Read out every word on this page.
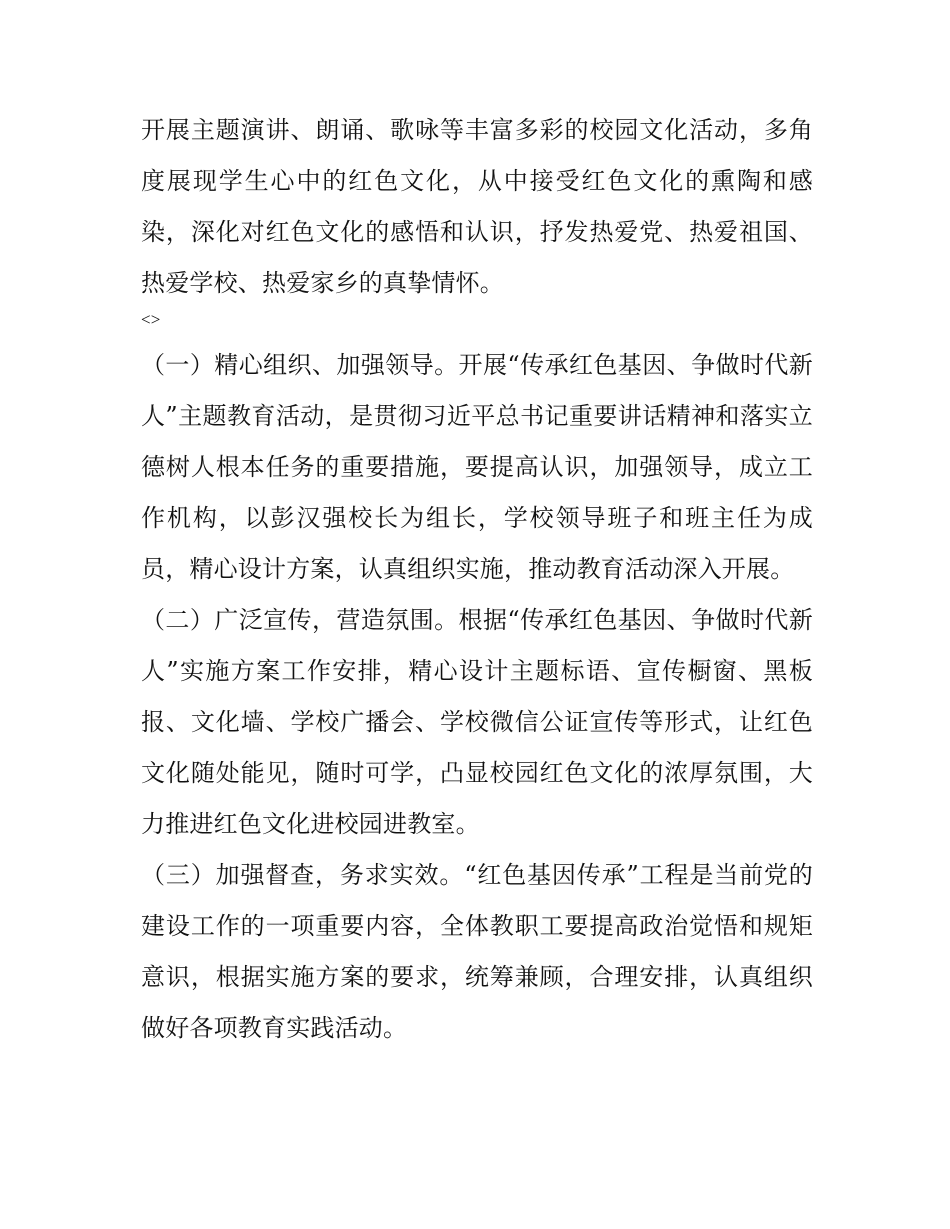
开展主题演讲、朗诵、歌咏等丰富多彩的校园文化活动，多角度展现学生心中的红色文化，从中接受红色文化的熏陶和感染，深化对红色文化的感悟和认识，抒发热爱党、热爱祖国、热爱学校、热爱家乡的真挚情怀。

<>

（一）精心组织、加强领导。开展“传承红色基因、争做时代新人”主题教育活动，是贯彻习近平总书记重要讲话精神和落实立德树人根本任务的重要措施，要提高认识，加强领导，成立工作机构，以彭汉强校长为组长，学校领导班子和班主任为成员，精心设计方案，认真组织实施，推动教育活动深入开展。

（二）广泛宣传，营造氛围。根据“传承红色基因、争做时代新人”实施方案工作安排，精心设计主题标语、宣传橱窗、黑板报、文化墙、学校广播会、学校微信公证宣传等形式，让红色文化随处能见，随时可学，凸显校园红色文化的浓厚氛围，大力推进红色文化进校园进教室。

（三）加强督查，务求实效。“红色基因传承”工程是当前党的建设工作的一项重要内容，全体教职工要提高政治觉悟和规矩意识，根据实施方案的要求，统筹兼顾，合理安排，认真组织做好各项教育实践活动。
